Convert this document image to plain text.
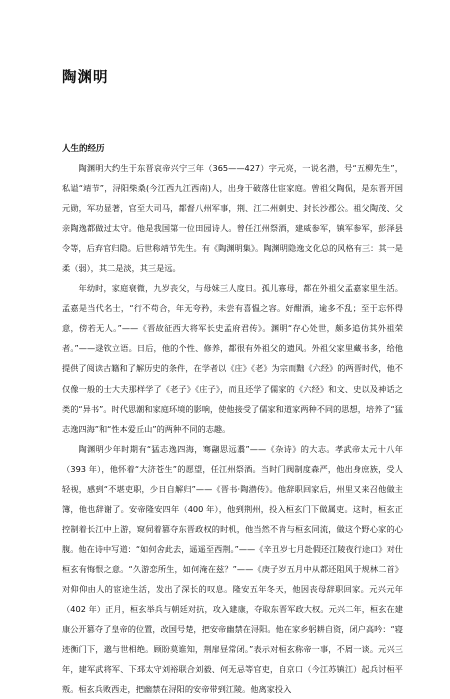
陶渊明
人生的经历

陶渊明大约生于东晋哀帝兴宁三年（365——427）字元亮，一说名潜，号“五柳先生”，私谥“靖节”，浔阳柴桑(今江西九江西南)人，出身于破落仕宦家庭。曾祖父陶侃，是东晋开国元勋，军功显著，官至大司马，都督八州军事，荆、江二州刺史、封长沙郡公。祖父陶茂、父亲陶逸都做过太守。他是我国第一位田园诗人。曾任江州祭酒，建威参军，镇军参军，彭泽县令等，后弃官归隐。后世称靖节先生。有《陶渊明集》。陶渊明隐逸文化总的风格有三：其一是柔（弱），其二是淡，其三是远。

年幼时，家庭衰微，九岁丧父，与母妹三人度日。孤儿寡母，都在外祖父孟嘉家里生活。孟嘉是当代名士，“行不苟合，年无夸矜，未尝有喜愠之容。好酣酒，逾多不乱；至于忘怀得意，傍若无人。”——《晋故征西大将军长史孟府君传》。渊明“存心处世，颇多追仿其外祖荣者。”——逯钦立语。日后，他的个性、修养，都很有外祖父的遗风。外祖父家里藏书多，给他提供了阅读古籍和了解历史的条件，在学者以《庄》《老》为宗而黜《六经》的两晋时代，他不仅像一般的士大夫那样学了《老子》《庄子》，而且还学了儒家的《六经》和文、史以及神话之类的“异书”。时代思潮和家庭环境的影响，使他接受了儒家和道家两种不同的思想，培养了“猛志逸四海”和“性本爱丘山”的两种不同的志趣。

陶渊明少年时期有“猛志逸四海，骞翮思远翥”——《杂诗》的大志。孝武帝太元十八年（393 年），他怀着“大济苍生”的愿望，任江州祭酒。当时门阀制度森严，他出身庶族，受人轻视，感到“不堪吏职，少日自解归”——《晋书·陶潜传》。他辞职回家后，州里又来召他做主簿，他也辞谢了。安帝隆安四年（400 年），他到荆州，投入桓玄门下做属吏。这时，桓玄正控制着长江中上游，窥伺着篡夺东晋政权的时机，他当然不肯与桓玄同流，做这个野心家的心腹。他在诗中写道：“如何舍此去，遥遥至西荆。”——《辛丑岁七月赴假还江陵夜行途口》对仕桓玄有悔恨之意。“久游恋所生，如何淹在兹？”——《庚子岁五月中从都还阻风于规林二首》对仰仰由人的宦途生活，发出了深长的叹息。隆安五年冬天，他因丧母辞职回家。元兴元年（402 年）正月，桓玄举兵与朝廷对抗，攻入建康，夺取东晋军政大权。元兴二年，桓玄在建康公开篡夺了皇帝的位置，改国号楚，把安帝幽禁在浔阳。他在家乡躬耕自资，闭户高吟：“寝迹衡门下，邈与世相绝。顾盼莫谁知，荆扉昼常闭。”表示对桓玄称帝一事，不屑一谈。元兴三年，建军武将军、下邳太守刘裕联合刘毅、何无忌等官吏，自京口（今江苏镇江）起兵讨桓平叛。桓玄兵败西走，把幽禁在浔阳的安帝带到江陵。他离家投入
